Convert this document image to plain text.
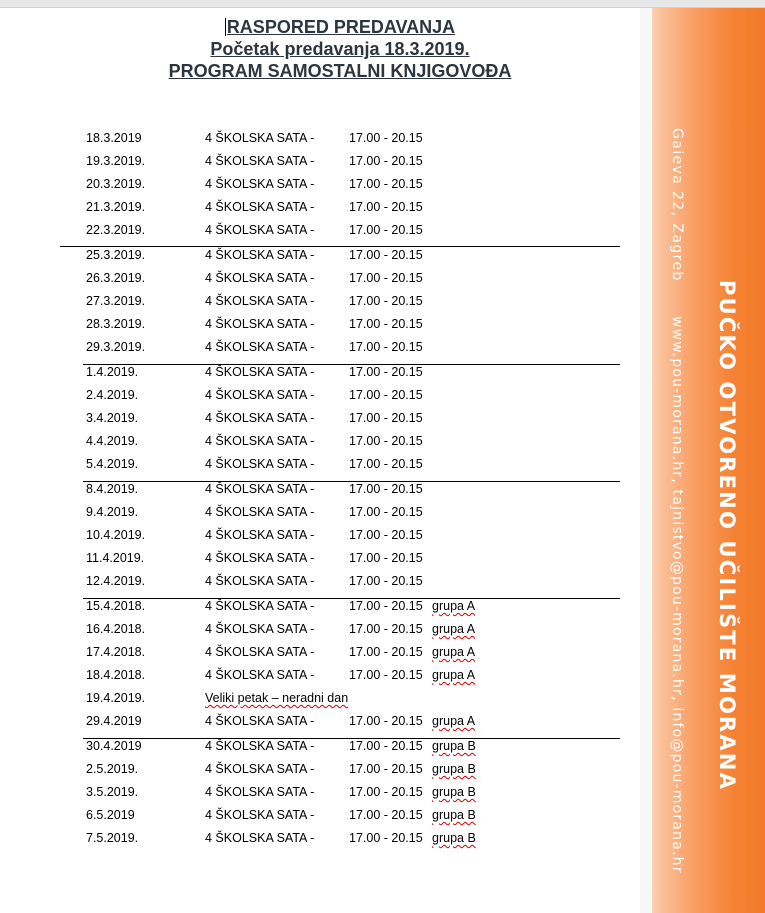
RASPORED PREDAVANJA
Početak predavanja 18.3.2019.
PROGRAM SAMOSTALNI KNJIGOVOĐA
18.3.2019	4 ŠKOLSKA SATA -	17.00 - 20.15
19.3.2019.	4 ŠKOLSKA SATA -	17.00 - 20.15
20.3.2019.	4 ŠKOLSKA SATA -	17.00 - 20.15
21.3.2019.	4 ŠKOLSKA SATA -	17.00 - 20.15
22.3.2019.	4 ŠKOLSKA SATA -	17.00 - 20.15
25.3.2019.	4 ŠKOLSKA SATA -	17.00 - 20.15
26.3.2019.	4 ŠKOLSKA SATA -	17.00 - 20.15
27.3.2019.	4 ŠKOLSKA SATA -	17.00 - 20.15
28.3.2019.	4 ŠKOLSKA SATA -	17.00 - 20.15
29.3.2019.	4 ŠKOLSKA SATA -	17.00 - 20.15
1.4.2019.	4 ŠKOLSKA SATA -	17.00 - 20.15
2.4.2019.	4 ŠKOLSKA SATA -	17.00 - 20.15
3.4.2019.	4 ŠKOLSKA SATA -	17.00 - 20.15
4.4.2019.	4 ŠKOLSKA SATA -	17.00 - 20.15
5.4.2019.	4 ŠKOLSKA SATA -	17.00 - 20.15
8.4.2019.	4 ŠKOLSKA SATA -	17.00 - 20.15
9.4.2019.	4 ŠKOLSKA SATA -	17.00 - 20.15
10.4.2019.	4 ŠKOLSKA SATA -	17.00 - 20.15
11.4.2019.	4 ŠKOLSKA SATA -	17.00 - 20.15
12.4.2019.	4 ŠKOLSKA SATA -	17.00 - 20.15
15.4.2018.	4 ŠKOLSKA SATA -	17.00 - 20.15 grupa A
16.4.2018.	4 ŠKOLSKA SATA -	17.00 - 20.15 grupa A
17.4.2018.	4 ŠKOLSKA SATA -	17.00 - 20.15 grupa A
18.4.2018.	4 ŠKOLSKA SATA -	17.00 - 20.15 grupa A
19.4.2019.	Veliki petak – neradni dan
29.4.2019	4 ŠKOLSKA SATA -	17.00 - 20.15 grupa A
30.4.2019	4 ŠKOLSKA SATA -	17.00 - 20.15 grupa B
2.5.2019.	4 ŠKOLSKA SATA -	17.00 - 20.15 grupa B
3.5.2019.	4 ŠKOLSKA SATA -	17.00 - 20.15 grupa B
6.5.2019	4 ŠKOLSKA SATA -	17.00 - 20.15 grupa B
7.5.2019.	4 ŠKOLSKA SATA -	17.00 - 20.15 grupa B
Gaieva 22, Zagreb
www.pou-morana.hr, tajnistvo@pou-morana.hr, info@pou-morana.hr PUČKO OTVORENO UČILIŠTE MORANA
